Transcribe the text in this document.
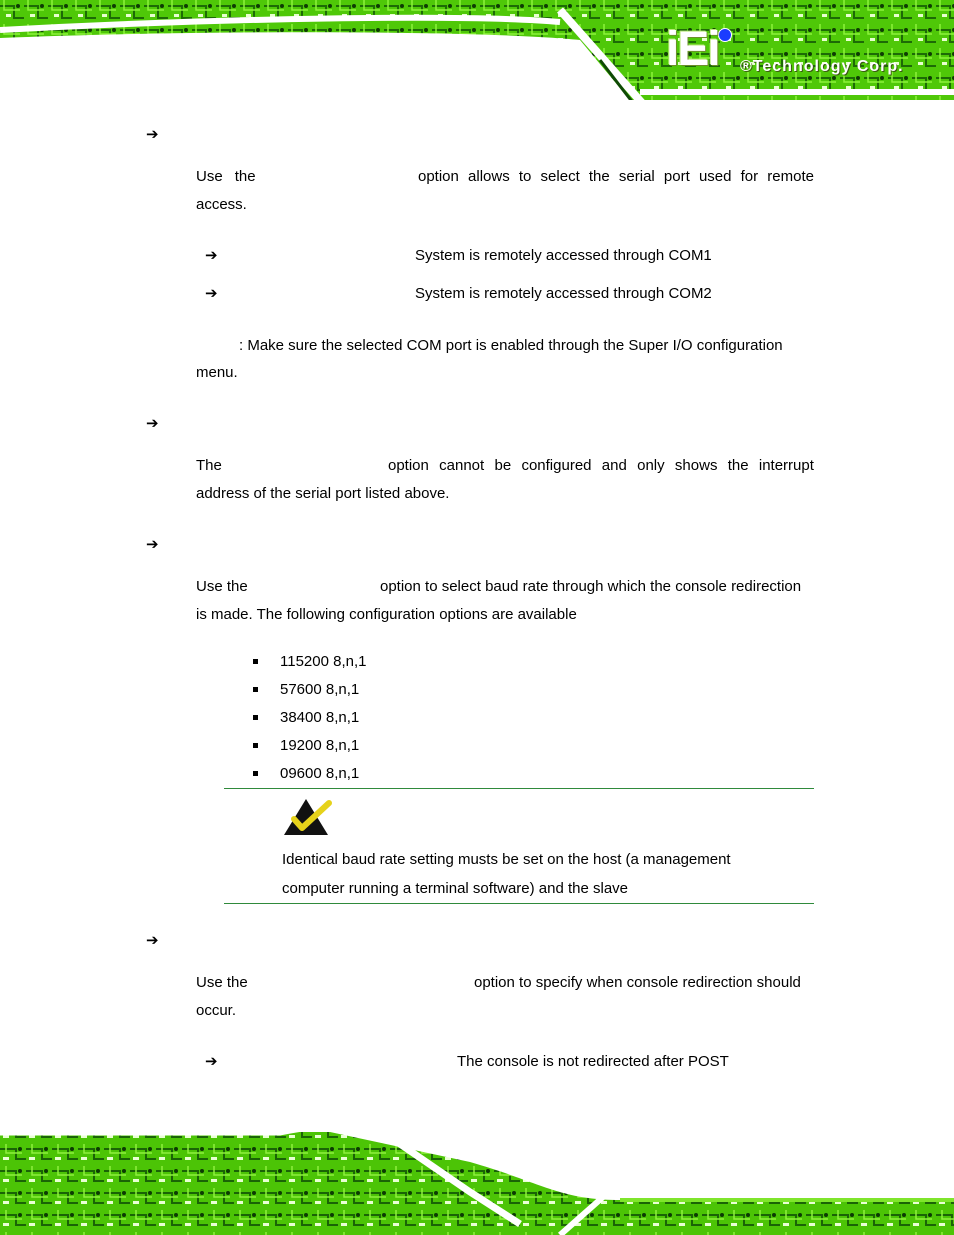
iEi ®Technology Corp.
➔
Use the	option allows to select the serial port used for remote
access.
➔	System is remotely accessed through COM1
➔	System is remotely accessed through COM2
: Make sure the selected COM port is enabled through the Super I/O configuration
menu.
➔
The	option cannot be configured and only shows the interrupt
address of the serial port listed above.
➔
Use the	option to select baud rate through which the console redirection
is made. The following configuration options are available
115200 8,n,1
57600 8,n,1
38400 8,n,1
19200 8,n,1
09600 8,n,1
Identical baud rate setting musts be set on the host (a management
computer running a terminal software) and the slave
➔
Use the	option to specify when console redirection should
occur.
➔	The console is not redirected after POST
